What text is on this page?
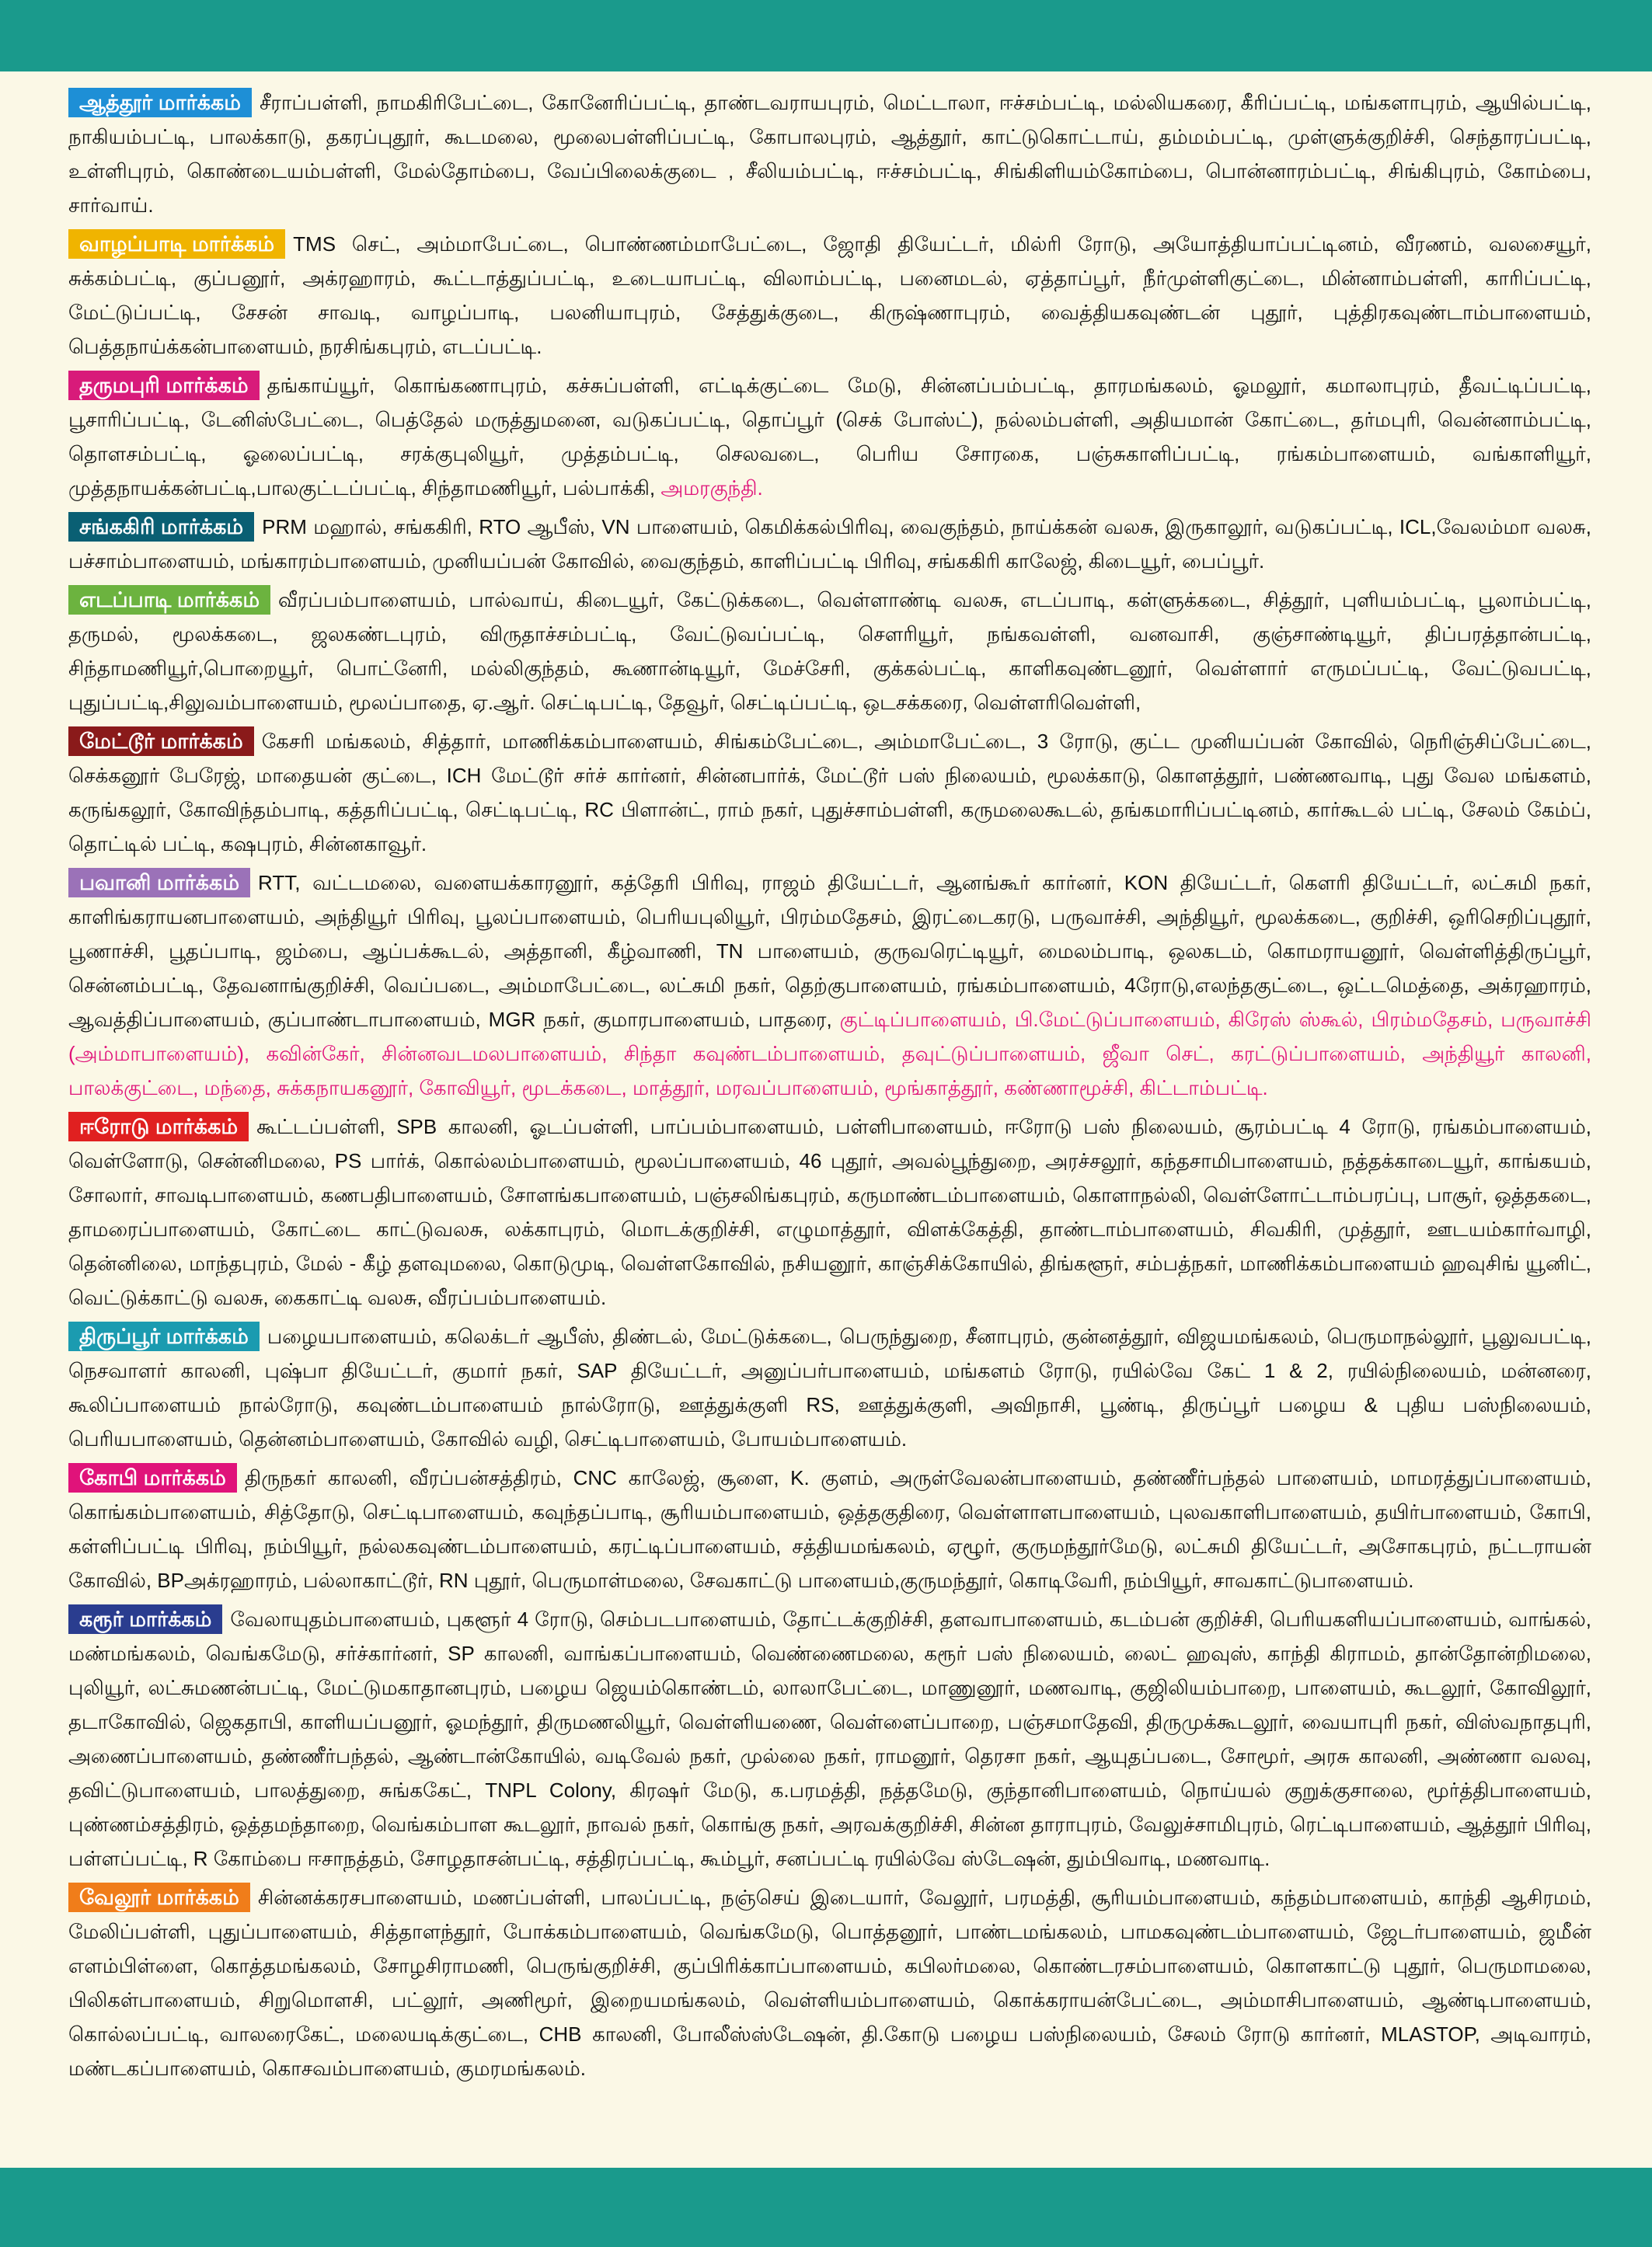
ஆத்தூர் மார்க்கம் சீராப்பள்ளி, நாமகிரிபேட்டை, கோனேரிப்பட்டி, தாண்டவராயபுரம், மெட்டாலா, ஈச்சம்பட்டி, மல்லியகரை, கீரிப்பட்டி, மங்களாபுரம், ஆயில்பட்டி, நாகியம்பட்டி, பாலக்காடு, தகரப்புதூர், கூடமலை, மூலைபள்ளிப்பட்டி, கோபாலபுரம், ஆத்தூர், காட்டுகொட்டாய், தம்மம்பட்டி, முள்ளுக்குறிச்சி, செந்தாரப்பட்டி, உள்ளிபுரம், கொண்டையம்பள்ளி, மேல்தோம்பை, வேப்பிலைக்குடை , சீலியம்பட்டி, ஈச்சம்பட்டி, சிங்கிளியம்கோம்பை, பொன்னாரம்பட்டி, சிங்கிபுரம், கோம்பை, சார்வாய்.
வாழப்பாடி மார்க்கம் TMS செட், அம்மாபேட்டை, பொண்ணம்மாபேட்டை, ஜோதி தியேட்டர், மில்ரி ரோடு, அயோத்தியாப்பட்டினம், வீரணம், வலசையூர், சுக்கம்பட்டி, குப்பனூர், அக்ரஹாரம், கூட்டாத்துப்பட்டி, உடையாபட்டி, விலாம்பட்டி, பனைமடல், ஏத்தாப்பூர், நீர்முள்ளிகுட்டை, மின்னாம்பள்ளி, காரிப்பட்டி, மேட்டுப்பட்டி, சேசன் சாவடி, வாழப்பாடி, பலனியாபுரம், சேத்துக்குடை, கிருஷ்ணாபுரம், வைத்தியகவுண்டன் புதூர், புத்திரகவுண்டாம்பாளையம், பெத்தநாய்க்கன்பாளையம், நரசிங்கபுரம், எடப்பட்டி.
தருமபுரி மார்க்கம் தங்காய்யூர், கொங்கணாபுரம், கச்சுப்பள்ளி, எட்டிக்குட்டை மேடு, சின்னப்பம்பட்டி, தாரமங்கலம், ஓமலூர், கமாலாபுரம், தீவட்டிப்பட்டி, பூசாரிப்பட்டி, டேனிஸ்பேட்டை, பெத்தேல் மருத்துமனை, வடுகப்பட்டி, தொப்பூர் (செக் போஸ்ட்), நல்லம்பள்ளி, அதியமான் கோட்டை, தர்மபுரி, வென்னாம்பட்டி, தொளசம்பட்டி, ஓலைப்பட்டி, சரக்குபுலியூர், முத்தம்பட்டி, செலவடை, பெரிய சோரகை, பஞ்சுகாளிப்பட்டி, ரங்கம்பாளையம், வங்காளியூர், முத்தநாயக்கன்பட்டி,பாலகுட்டப்பட்டி, சிந்தாமணியூர், பல்பாக்கி, அமரகுந்தி.
சங்ககிரி மார்க்கம் PRM மஹால், சங்ககிரி, RTO ஆபீஸ், VN பாளையம், கெமிக்கல்பிரிவு, வைகுந்தம், நாய்க்கன் வலசு, இருகாலூர், வடுகப்பட்டி, ICL,வேலம்மா வலசு, பச்சாம்பாளையம், மங்காரம்பாளையம், முனியப்பன் கோவில், வைகுந்தம், காளிப்பட்டி பிரிவு, சங்ககிரி காலேஜ், கிடையூர், பைப்பூர்.
எடப்பாடி மார்க்கம் வீரப்பம்பாளையம், பால்வாய், கிடையூர், கேட்டுக்கடை, வெள்ளாண்டி வலசு, எடப்பாடி, கள்ளுக்கடை, சித்தூர், புளியம்பட்டி, பூலாம்பட்டி, தருமல், மூலக்கடை, ஜலகண்டபுரம், விருதாச்சம்பட்டி, வேட்டுவப்பட்டி, செளரியூர், நங்கவள்ளி, வனவாசி, குஞ்சாண்டியூர், திப்பரத்தான்பட்டி, சிந்தாமணியூர்,பொறையூர், பொட்னேரி, மல்லிகுந்தம், கூணான்டியூர், மேச்சேரி, குக்கல்பட்டி, காளிகவுண்டனூர், வெள்ளார் எருமப்பட்டி, வேட்டுவபட்டி, புதுப்பட்டி,சிலுவம்பாளையம், மூலப்பாதை, ஏ.ஆர். செட்டிபட்டி, தேவூர், செட்டிப்பட்டி, ஒடசக்கரை, வெள்ளரிவெள்ளி,
மேட்டூர் மார்க்கம் கேசரி மங்கலம், சித்தார், மாணிக்கம்பாளையம், சிங்கம்பேட்டை, அம்மாபேட்டை, 3 ரோடு, குட்ட முனியப்பன் கோவில், நெரிஞ்சிப்பேட்டை, செக்கனூர் பேரேஜ், மாதையன் குட்டை, ICH மேட்டூர் சர்ச் கார்னர், சின்னபார்க், மேட்டூர் பஸ் நிலையம், மூலக்காடு, கொளத்தூர், பண்ணவாடி, புது வேல மங்களம், கருங்கலூர், கோவிந்தம்பாடி, கத்தரிப்பட்டி, செட்டிபட்டி, RC பிளான்ட், ராம் நகர், புதுச்சாம்பள்ளி, கருமலைகூடல், தங்கமாரிப்பட்டினம், கார்கூடல் பட்டி, சேலம் கேம்ப், தொட்டில் பட்டி, கஷபுரம், சின்னகாவூர்.
பவானி மார்க்கம் RTT, வட்டமலை, வளையக்காரனூர், கத்தேரி பிரிவு, ராஜம் தியேட்டர், ஆனங்கூர் கார்னர், KON தியேட்டர், கெளரி தியேட்டர், லட்சுமி நகர், காளிங்கராயனபாளையம், அந்தியூர் பிரிவு, பூலப்பாளையம், பெரியபுலியூர், பிரம்மதேசம், இரட்டைகரடு, பருவாச்சி, அந்தியூர், மூலக்கடை, குறிச்சி, ஒரிசெறிப்புதூர், பூணாச்சி, பூதப்பாடி, ஜம்பை, ஆப்பக்கூடல், அத்தானி, கீழ்வாணி, TN பாளையம், குருவரெட்டியூர், மைலம்பாடி, ஒலகடம், கொமராயனூர், வெள்ளித்திருப்பூர், சென்னம்பட்டி, தேவனாங்குறிச்சி, வெப்படை, அம்மாபேட்டை, லட்சுமி நகர், தெற்குபாளையம், ரங்கம்பாளையம், 4ரோடு,எலந்தகுட்டை, ஒட்டமெத்தை, அக்ரஹாரம், ஆவத்திப்பாளையம், குப்பாண்டாபாளையம், MGR நகர், குமாரபாளையம், பாதரை, குட்டிப்பாளையம், பி.மேட்டுப்பாளையம், கிரேஸ் ஸ்கூல், பிரம்மதேசம், பருவாச்சி (அம்மாபாளையம்), கவின்கேர், சின்னவடமலபாளையம், சிந்தா கவுண்டம்பாளையம், தவுட்டுப்பாளையம், ஜீவா செட், கரட்டுப்பாளையம், அந்தியூர் காலனி, பாலக்குட்டை, மந்தை, சுக்கநாயகனூர், கோவியூர், மூடக்கடை, மாத்தூர், மரவப்பாளையம், மூங்காத்தூர், கண்ணாமூச்சி, கிட்டாம்பட்டி.
ஈரோடு மார்க்கம் கூட்டப்பள்ளி, SPB காலனி, ஓடப்பள்ளி, பாப்பம்பாளையம், பள்ளிபாளையம், ஈரோடு பஸ் நிலையம், சூரம்பட்டி 4 ரோடு, ரங்கம்பாளையம், வெள்ளோடு, சென்னிமலை, PS பார்க், கொல்லம்பாளையம், மூலப்பாளையம், 46 புதூர், அவல்பூந்துறை, அரச்சலூர், கந்தசாமிபாளையம், நத்தக்காடையூர், காங்கயம், சோலார், சாவடிபாளையம், கணபதிபாளையம், சோளங்கபாளையம், பஞ்சலிங்கபுரம், கருமாண்டம்பாளையம், கொளாநல்லி, வெள்ளோட்டாம்பரப்பு, பாசூர், ஒத்தகடை, தாமரைப்பாளையம், கோட்டை காட்டுவலசு, லக்காபுரம், மொடக்குறிச்சி, எழுமாத்தூர், விளக்கேத்தி, தாண்டாம்பாளையம், சிவகிரி, முத்தூர், ஊடயம்கார்வாழி, தென்னிலை, மாந்தபுரம், மேல் - கீழ் தளவுமலை, கொடுமுடி, வெள்ளகோவில், நசியனூர், காஞ்சிக்கோயில், திங்களூர், சம்பத்நகர், மாணிக்கம்பாளையம் ஹவுசிங் யூனிட், வெட்டுக்காட்டு வலசு, கைகாட்டி வலசு, வீரப்பம்பாளையம்.
திருப்பூர் மார்க்கம் பழையபாளையம், கலெக்டர் ஆபீஸ், திண்டல், மேட்டுக்கடை, பெருந்துறை, சீனாபுரம், குன்னத்தூர், விஜயமங்கலம், பெருமாநல்லூர், பூலுவபட்டி, நெசவாளர் காலனி, புஷ்பா தியேட்டர், குமார் நகர், SAP தியேட்டர், அனுப்பர்பாளையம், மங்களம் ரோடு, ரயில்வே கேட் 1 & 2, ரயில்நிலையம், மன்னரை, கூலிப்பாளையம் நால்ரோடு, கவுண்டம்பாளையம் நால்ரோடு, ஊத்துக்குளி RS, ஊத்துக்குளி, அவிநாசி, பூண்டி, திருப்பூர் பழைய & புதிய பஸ்நிலையம், பெரியபாளையம், தென்னம்பாளையம், கோவில் வழி, செட்டிபாளையம், போயம்பாளையம்.
கோபி மார்க்கம் திருநகர் காலனி, வீரப்பன்சத்திரம், CNC காலேஜ், சூளை, K. குளம், அருள்வேலன்பாளையம், தண்ணீர்பந்தல் பாளையம், மாமரத்துப்பாளையம், கொங்கம்பாளையம், சித்தோடு, செட்டிபாளையம், கவுந்தப்பாடி, சூரியம்பாளையம், ஒத்தகுதிரை, வெள்ளாளபாளையம், புலவகாளிபாளையம், தயிர்பாளையம், கோபி, கள்ளிப்பட்டி பிரிவு, நம்பியூர், நல்லகவுண்டம்பாளையம், கரட்டிப்பாளையம், சத்தியமங்கலம், ஏழூர், குருமந்தூர்மேடு, லட்சுமி தியேட்டர், அசோகபுரம், நட்டராயன் கோவில், BPஅக்ரஹாரம், பல்லாகாட்டூர், RN புதூர், பெருமாள்மலை, சேவகாட்டு பாளையம்,குருமந்தூர், கொடிவேரி, நம்பியூர், சாவகாட்டுபாளையம்.
கரூர் மார்க்கம் வேலாயுதம்பாளையம், புகளூர் 4 ரோடு, செம்படபாளையம், தோட்டக்குறிச்சி, தளவாபாளையம், கடம்பன் குறிச்சி, பெரியகளியப்பாளையம், வாங்கல், மண்மங்கலம், வெங்கமேடு, சர்ச்கார்னர், SP காலனி, வாங்கப்பாளையம், வெண்ணைமலை, கரூர் பஸ் நிலையம், லைட் ஹவுஸ், காந்தி கிராமம், தான்தோன்றிமலை, புலியூர், லட்சுமணன்பட்டி, மேட்டுமகாதானபுரம், பழைய ஜெயம்கொண்டம், லாலாபேட்டை, மாணுனூர், மணவாடி, குஜிலியம்பாறை, பாளையம், கூடலூர், கோவிலூர், தடாகோவில், ஜெகதாபி, காளியப்பனூர், ஓமந்தூர், திருமணலியூர், வெள்ளியணை, வெள்ளைப்பாறை, பஞ்சமாதேவி, திருமுக்கூடலூர், வையாபுரி நகர், விஸ்வநாதபுரி, அணைப்பாளையம், தண்ணீர்பந்தல், ஆண்டான்கோயில், வடிவேல் நகர், முல்லை நகர், ராமனூர், தெரசா நகர், ஆயுதப்படை, சோமூர், அரசு காலனி, அண்ணா வலவு, தவிட்டுபாளையம், பாலத்துறை, சுங்ககேட், TNPL Colony, கிரஷர் மேடு, க.பரமத்தி, நத்தமேடு, குந்தானிபாளையம், நொய்யல் குறுக்குசாலை, மூர்த்திபாளையம், புண்ணம்சத்திரம், ஒத்தமந்தாறை, வெங்கம்பாள கூடலூர், நாவல் நகர், கொங்கு நகர், அரவக்குறிச்சி, சின்ன தாராபுரம், வேலுச்சாமிபுரம், ரெட்டிபாளையம், ஆத்தூர் பிரிவு, பள்ளப்பட்டி, R கோம்பை ஈசாநத்தம், சோழதாசன்பட்டி, சத்திரப்பட்டி, கூம்பூர், சனப்பட்டி ரயில்வே ஸ்டேஷன், தும்பிவாடி, மணவாடி.
வேலூர் மார்க்கம் சின்னக்கரசபாளையம், மணப்பள்ளி, பாலப்பட்டி, நஞ்செய் இடையார், வேலூர், பரமத்தி, சூரியம்பாளையம், கந்தம்பாளையம், காந்தி ஆசிரமம், மேலிப்பள்ளி, புதுப்பாளையம், சித்தாளந்தூர், போக்கம்பாளையம், வெங்கமேடு, பொத்தனூர், பாண்டமங்கலம், பாமகவுண்டம்பாளையம், ஜேடர்பாளையம், ஜமீன் எளம்பிள்ளை, கொத்தமங்கலம், சோழசிராமணி, பெருங்குறிச்சி, குப்பிரிக்காப்பாளையம், கபிலர்மலை, கொண்டரசம்பாளையம், கொளகாட்டு புதூர், பெருமாமலை, பிலிகள்பாளையம், சிறுமொளசி, பட்லூர், அணிமூர், இறையமங்கலம், வெள்ளியம்பாளையம், கொக்கராயன்பேட்டை, அம்மாசிபாளையம், ஆண்டிபாளையம், கொல்லப்பட்டி, வாலரைகேட், மலையடிக்குட்டை, CHB காலனி, போலீஸ்ஸ்டேஷன், தி.கோடு பழைய பஸ்நிலையம், சேலம் ரோடு கார்னர், MLASTOP, அடிவாரம், மண்டகப்பாளையம், கொசவம்பாளையம், குமரமங்கலம்.
